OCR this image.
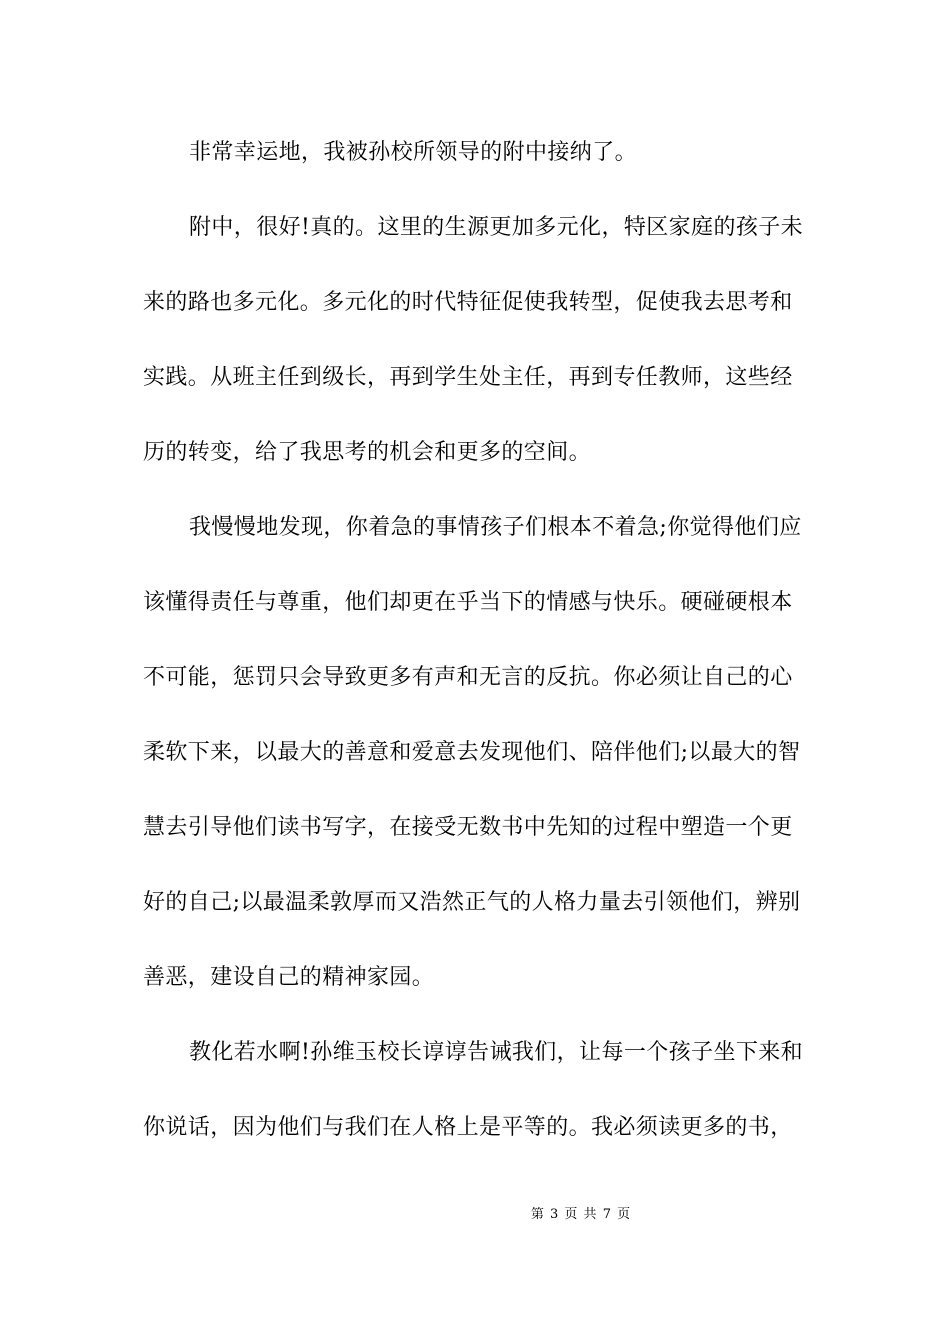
非常幸运地，我被孙校所领导的附中接纳了。
附中，很好!真的。这里的生源更加多元化，特区家庭的孩子未
来的路也多元化。多元化的时代特征促使我转型，促使我去思考和
实践。从班主任到级长，再到学生处主任，再到专任教师，这些经
历的转变，给了我思考的机会和更多的空间。
我慢慢地发现，你着急的事情孩子们根本不着急;你觉得他们应
该懂得责任与尊重，他们却更在乎当下的情感与快乐。硬碰硬根本
不可能，惩罚只会导致更多有声和无言的反抗。你必须让自己的心
柔软下来，以最大的善意和爱意去发现他们、陪伴他们;以最大的智
慧去引导他们读书写字，在接受无数书中先知的过程中塑造一个更
好的自己;以最温柔敦厚而又浩然正气的人格力量去引领他们，辨别
善恶，建设自己的精神家园。
教化若水啊!孙维玉校长谆谆告诫我们，让每一个孩子坐下来和
你说话，因为他们与我们在人格上是平等的。我必须读更多的书，
第 3 页 共 7 页
